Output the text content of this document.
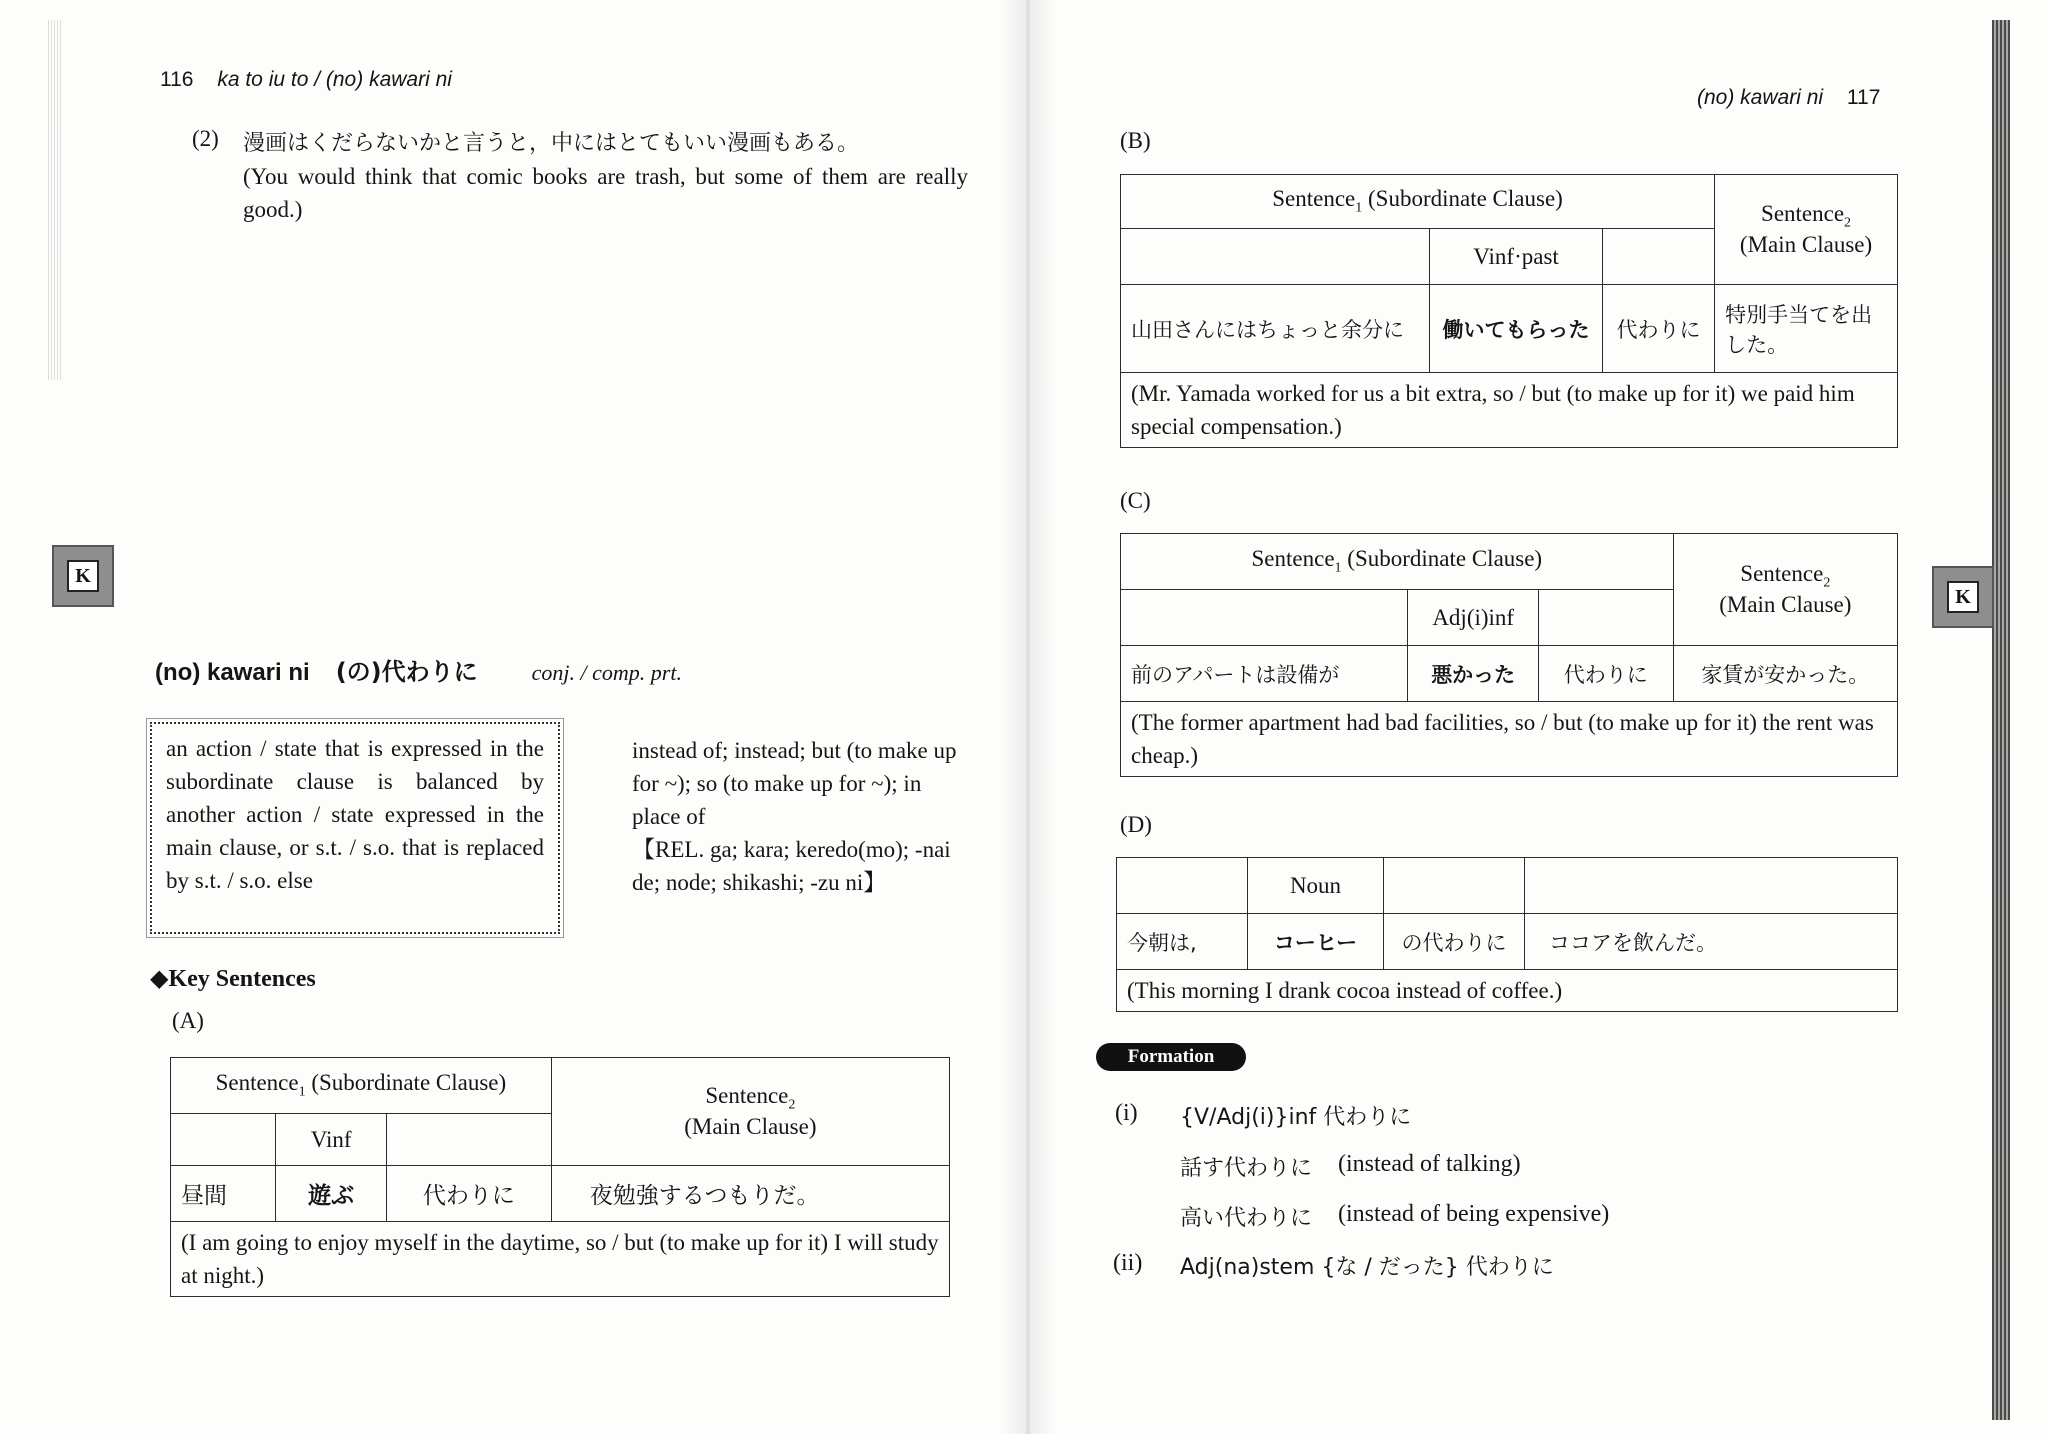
116 ka to iu to / (no) kawari ni
(2) 漫画はくだらないかと言うと，中にはとてもいい漫画もある。
(You would think that comic books are trash, but some of them are really good.)
K
(no) kawari ni (の)代わりに conj. / comp. prt.
an action / state that is expressed in the subordinate clause is balanced by another action / state expressed in the main clause, or s.t. / s.o. that is replaced by s.t. / s.o. else
instead of; instead; but (to make up for ~); so (to make up for ~); in place of
【REL. ga; kara; keredo(mo); -nai de; node; shikashi; -zu ni】
◆Key Sentences
(A)
Sentence$_1$ (Subordinate Clause)			Sentence$_2$
(Main Clause)
	Vinf		
昼間	遊ぶ	代わりに	夜勉強するつもりだ。
(I am going to enjoy myself in the daytime, so / but (to make up for it) I will study at night.)			
(no) kawari ni 117
K
(B)
Sentence$_1$ (Subordinate Clause)			Sentence$_2$
(Main Clause)
	Vinf·past		
山田さんにはちょっと余分に	働いてもらった	代わりに	特別手当てを出した。
(Mr. Yamada worked for us a bit extra, so / but (to make up for it) we paid him special compensation.)			
(C)
Sentence$_1$ (Subordinate Clause)			Sentence$_2$
(Main Clause)
	Adj(i)inf		
前のアパートは設備が	悪かった	代わりに	家賃が安かった。
(The former apartment had bad facilities, so / but (to make up for it) the rent was cheap.)			
(D)
	Noun		
今朝は,	コーヒー	の代わりに	ココアを飲んだ。
(This morning I drank cocoa instead of coffee.)			
Formation
(i) {V/Adj(i)}inf 代わりに
話す代わりに (instead of talking)
高い代わりに (instead of being expensive)
(ii) Adj(na)stem {な / だった} 代わりに
